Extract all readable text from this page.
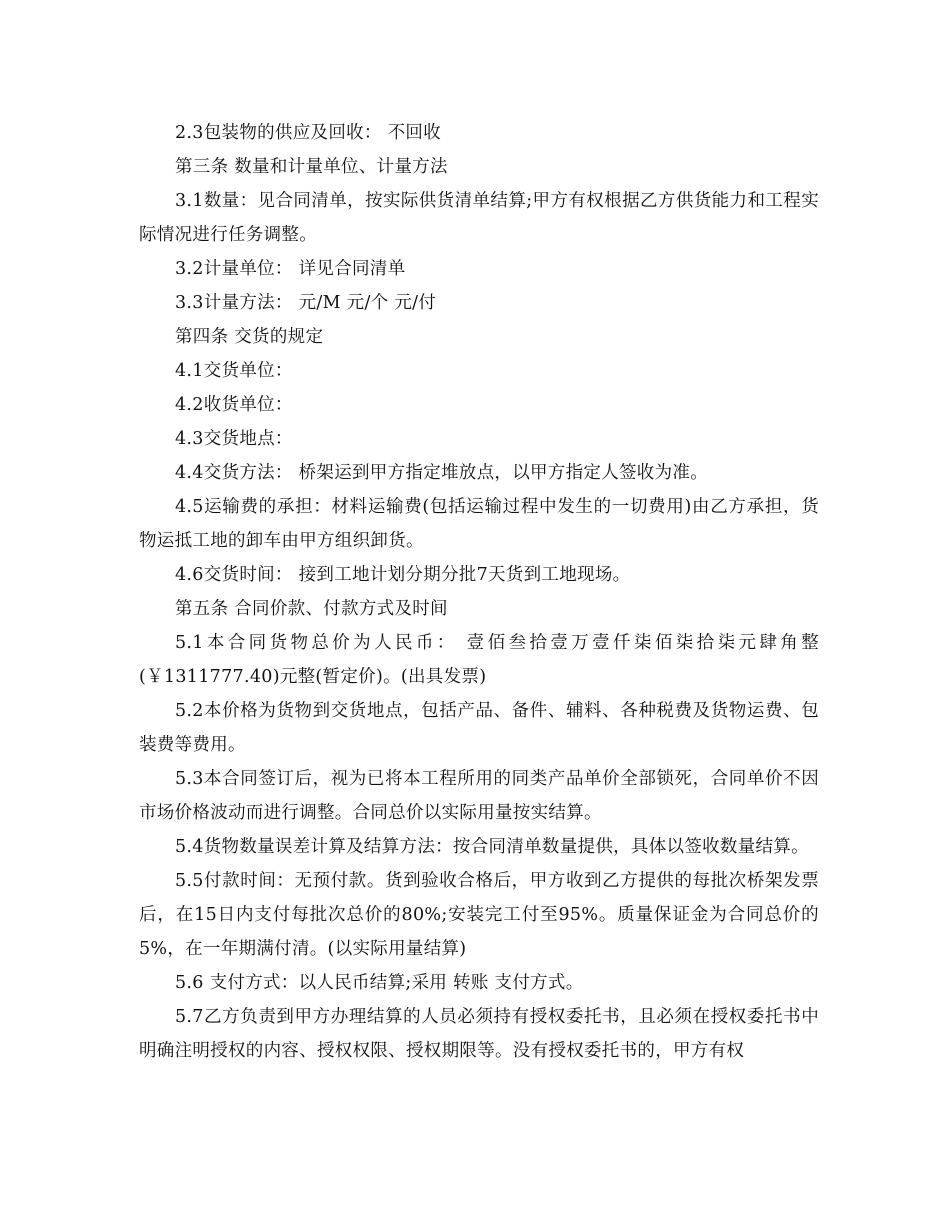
2.3包装物的供应及回收： 不回收

第三条 数量和计量单位、计量方法

3.1数量：见合同清单，按实际供货清单结算;甲方有权根据乙方供货能力和工程实际情况进行任务调整。

3.2计量单位： 详见合同清单

3.3计量方法： 元/M 元/个 元/付

第四条 交货的规定

4.1交货单位：

4.2收货单位：

4.3交货地点：

4.4交货方法： 桥架运到甲方指定堆放点，以甲方指定人签收为准。

4.5运输费的承担：材料运输费(包括运输过程中发生的一切费用)由乙方承担，货物运抵工地的卸车由甲方组织卸货。

4.6交货时间： 接到工地计划分期分批7天货到工地现场。

第五条 合同价款、付款方式及时间

5.1本合同货物总价为人民币： 壹佰叁拾壹万壹仟柒佰柒拾柒元肆角整(￥1311777.40)元整(暂定价)。(出具发票)

5.2本价格为货物到交货地点，包括产品、备件、辅料、各种税费及货物运费、包装费等费用。

5.3本合同签订后，视为已将本工程所用的同类产品单价全部锁死，合同单价不因市场价格波动而进行调整。合同总价以实际用量按实结算。

5.4货物数量误差计算及结算方法：按合同清单数量提供，具体以签收数量结算。

5.5付款时间：无预付款。货到验收合格后，甲方收到乙方提供的每批次桥架发票后，在15日内支付每批次总价的80%;安装完工付至95%。质量保证金为合同总价的5%，在一年期满付清。(以实际用量结算)

5.6 支付方式：以人民币结算;采用 转账 支付方式。

5.7乙方负责到甲方办理结算的人员必须持有授权委托书，且必须在授权委托书中明确注明授权的内容、授权权限、授权期限等。没有授权委托书的，甲方有权
